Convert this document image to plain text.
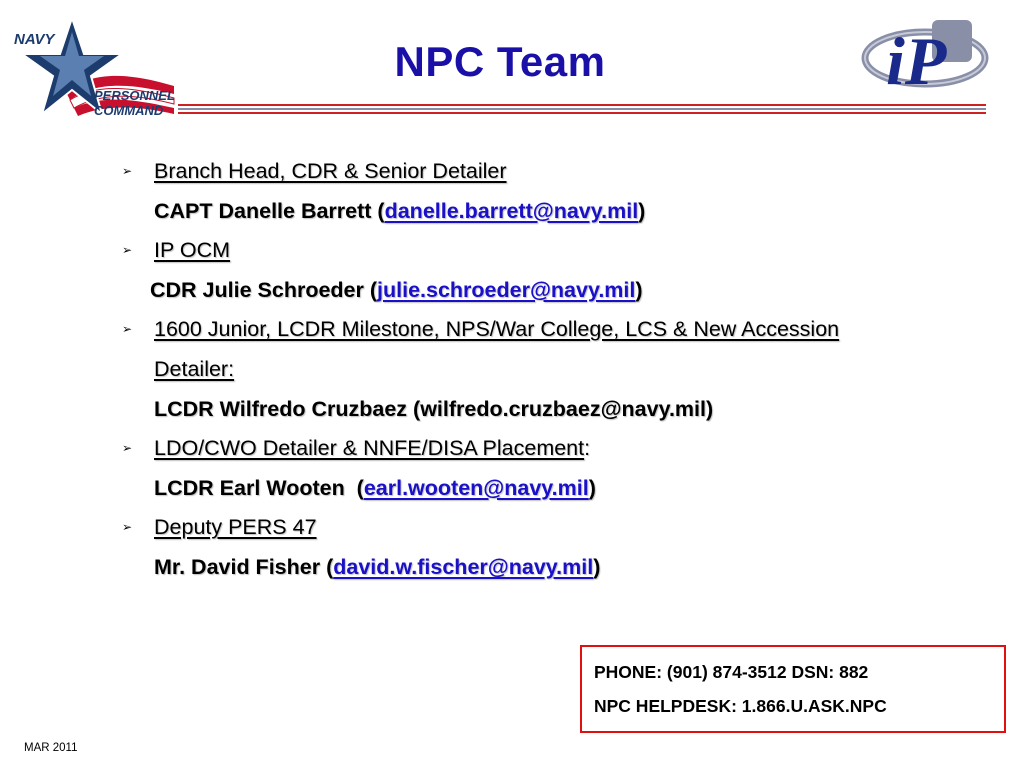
NAVY
PERSONNEL
COMMAND
NPC Team	iP
➢ Branch Head, CDR & Senior Detailer
CAPT Danelle Barrett (danelle.barrett@navy.mil)
➢ IP OCM
CDR Julie Schroeder (julie.schroeder@navy.mil)
➢ 1600 Junior, LCDR Milestone, NPS/War College, LCS & New Accession
Detailer:
LCDR Wilfredo Cruzbaez (wilfredo.cruzbaez@navy.mil)
➢ LDO/CWO Detailer & NNFE/DISA Placement:
LCDR Earl Wooten  (earl.wooten@navy.mil)
➢ Deputy PERS 47
Mr. David Fisher (david.w.fischer@navy.mil)
PHONE: (901) 874-3512 DSN: 882
NPC HELPDESK: 1.866.U.ASK.NPC
MAR 2011
